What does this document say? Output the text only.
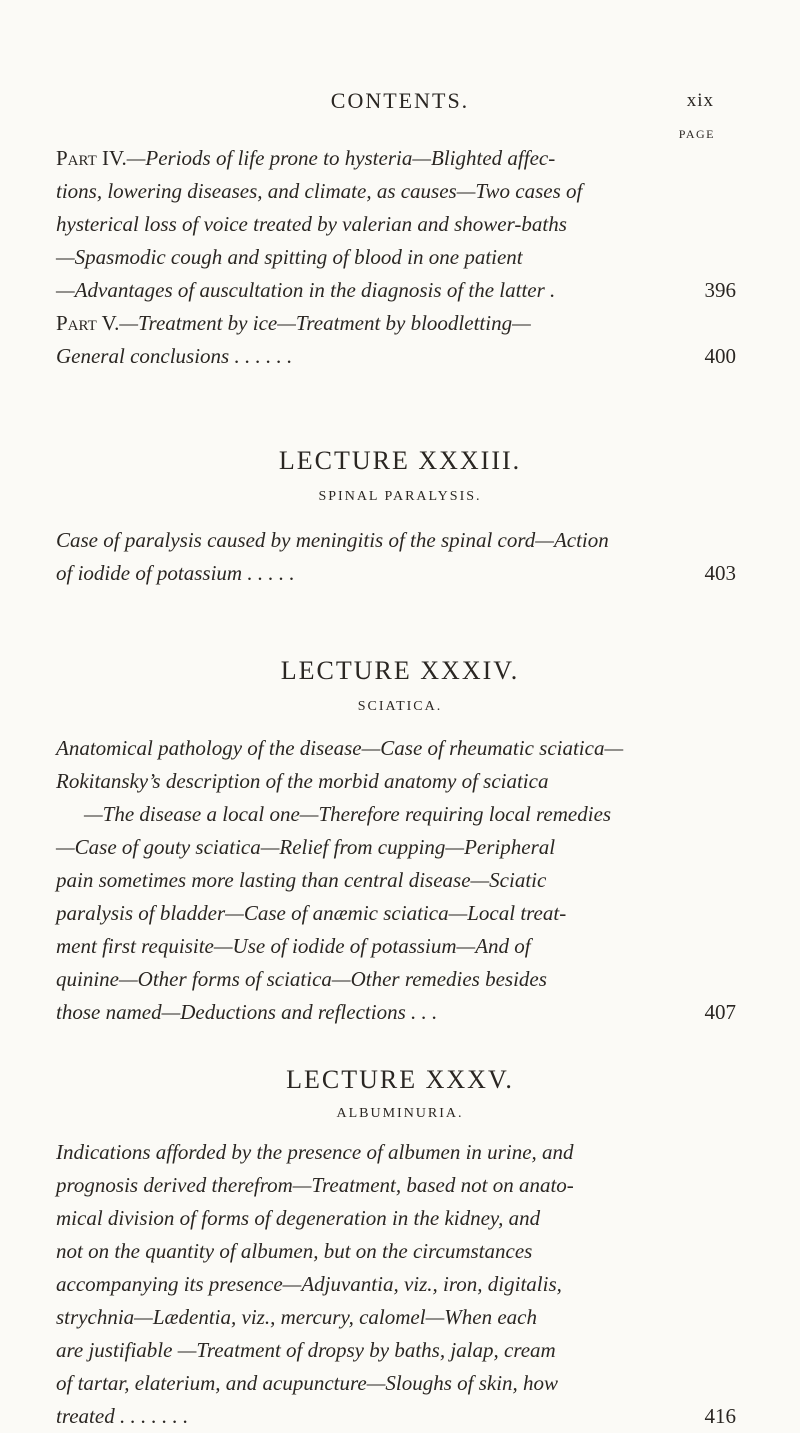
CONTENTS.	xix
PAGE
Part IV.—Periods of life prone to hysteria—Blighted affec-
tions, lowering diseases, and climate, as causes—Two cases of
hysterical loss of voice treated by valerian and shower-baths
—Spasmodic cough and spitting of blood in one patient
—Advantages of auscultation in the diagnosis of the latter .	396
Part V.—Treatment by ice—Treatment by bloodletting—
General conclusions . . . . . .	400
LECTURE XXXIII.
SPINAL PARALYSIS.
Case of paralysis caused by meningitis of the spinal cord—Action
of iodide of potassium . . . . .	403
LECTURE XXXIV.
SCIATICA.
Anatomical pathology of the disease—Case of rheumatic sciatica—
Rokitansky’s description of the morbid anatomy of sciatica
—The disease a local one—Therefore requiring local remedies
—Case of gouty sciatica—Relief from cupping—Peripheral
pain sometimes more lasting than central disease—Sciatic
paralysis of bladder—Case of anæmic sciatica—Local treat-
ment first requisite—Use of iodide of potassium—And of
quinine—Other forms of sciatica—Other remedies besides
those named—Deductions and reflections . . .	407
LECTURE XXXV.
ALBUMINURIA.
Indications afforded by the presence of albumen in urine, and
prognosis derived therefrom—Treatment, based not on anato-
mical division of forms of degeneration in the kidney, and
not on the quantity of albumen, but on the circumstances
accompanying its presence—Adjuvantia, viz., iron, digitalis,
strychnia—Lædentia, viz., mercury, calomel—When each
are justifiable —Treatment of dropsy by baths, jalap, cream
of tartar, elaterium, and acupuncture—Sloughs of skin, how
treated . . . . . . .	416
